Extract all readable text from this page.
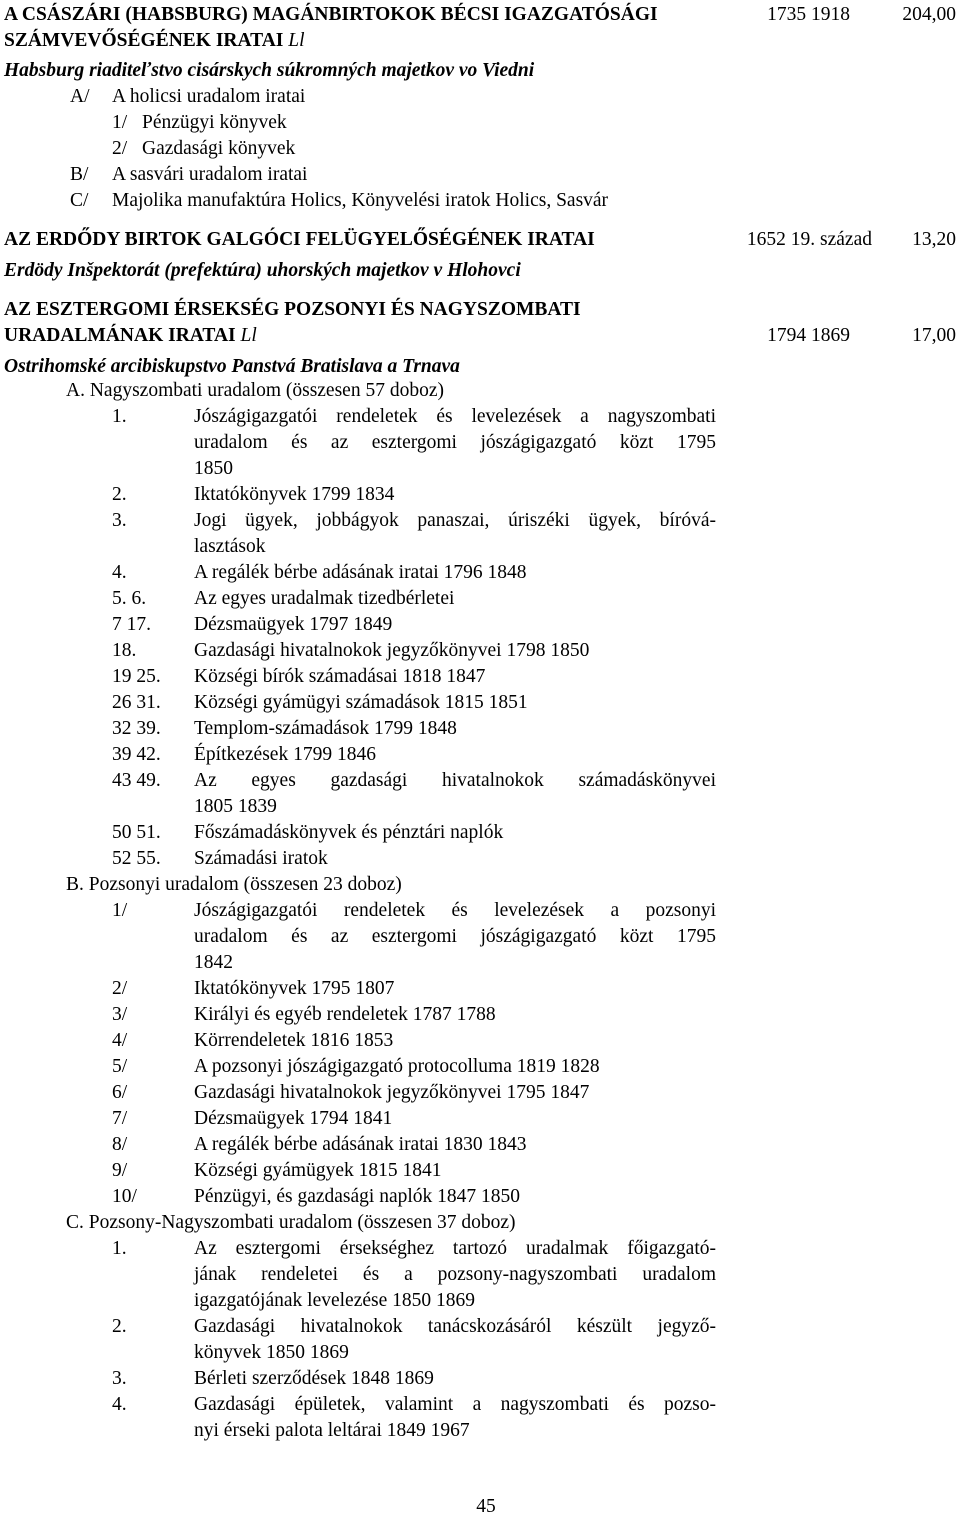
A CSÁSZÁRI (HABSBURG) MAGÁNBIRTOKOK BÉCSI IGAZGATÓSÁGI	1735 1918	204,00
SZÁMVEVŐSÉGÉNEK IRATAI Ll
Habsburg riaditeľstvo cisárskych súkromných majetkov vo Viedni
A/ A holicsi uradalom iratai
1/ Pénzügyi könyvek
2/ Gazdasági könyvek
B/ A sasvári uradalom iratai
C/ Majolika manufaktúra Holics, Könyvelési iratok Holics, Sasvár
AZ ERDŐDY BIRTOK GALGÓCI FELÜGYELŐSÉGÉNEK IRATAI	1652 19. század	13,20
Erdödy Inšpektorát (prefektúra) uhorských majetkov v Hlohovci
AZ ESZTERGOMI ÉRSEKSÉG POZSONYI ÉS NAGYSZOMBATI
URADALMÁNAK IRATAI Ll	1794 1869	17,00
Ostrihomské arcibiskupstvo Panstvá Bratislava a Trnava
A. Nagyszombati uradalom (összesen 57 doboz)
1.	Jószágigazgatói rendeletek és levelezések a nagyszombati
uradalom és az esztergomi jószágigazgató közt 1795
1850
2.	Iktatókönyvek 1799 1834
3.	Jogi ügyek, jobbágyok panaszai, úriszéki ügyek, bíróvá-
lasztások
4.	A regálék bérbe adásának iratai 1796 1848
5. 6. Az egyes uradalmak tizedbérletei
7 17. Dézsmaügyek 1797 1849
18.	Gazdasági hivatalnokok jegyzőkönyvei 1798 1850
19 25. Községi bírók számadásai 1818 1847
26 31. Községi gyámügyi számadások 1815 1851
32 39. Templom-számadások 1799 1848
39 42. Építkezések 1799 1846
43 49. Az egyes gazdasági hivatalnokok számadáskönyvei
1805 1839
50 51. Főszámadáskönyvek és pénztári naplók
52 55. Számadási iratok
B. Pozsonyi uradalom (összesen 23 doboz)
1/	Jószágigazgatói rendeletek és levelezések a pozsonyi
uradalom és az esztergomi jószágigazgató közt 1795
1842
2/	Iktatókönyvek 1795 1807
3/	Királyi és egyéb rendeletek 1787 1788
4/	Körrendeletek 1816 1853
5/	A pozsonyi jószágigazgató protocolluma 1819 1828
6/	Gazdasági hivatalnokok jegyzőkönyvei 1795 1847
7/	Dézsmaügyek 1794 1841
8/	A regálék bérbe adásának iratai 1830 1843
9/	Községi gyámügyek 1815 1841
10/	Pénzügyi, és gazdasági naplók 1847 1850
C. Pozsony-Nagyszombati uradalom (összesen 37 doboz)
1.	Az esztergomi érsekséghez tartozó uradalmak főigazgató-
jának rendeletei és a pozsony-nagyszombati uradalom
igazgatójának levelezése 1850 1869
2.	Gazdasági hivatalnokok tanácskozásáról készült jegyző-
könyvek 1850 1869
3.	Bérleti szerződések 1848 1869
4.	Gazdasági épületek, valamint a nagyszombati és pozso-
nyi érseki palota leltárai 1849 1967
45
